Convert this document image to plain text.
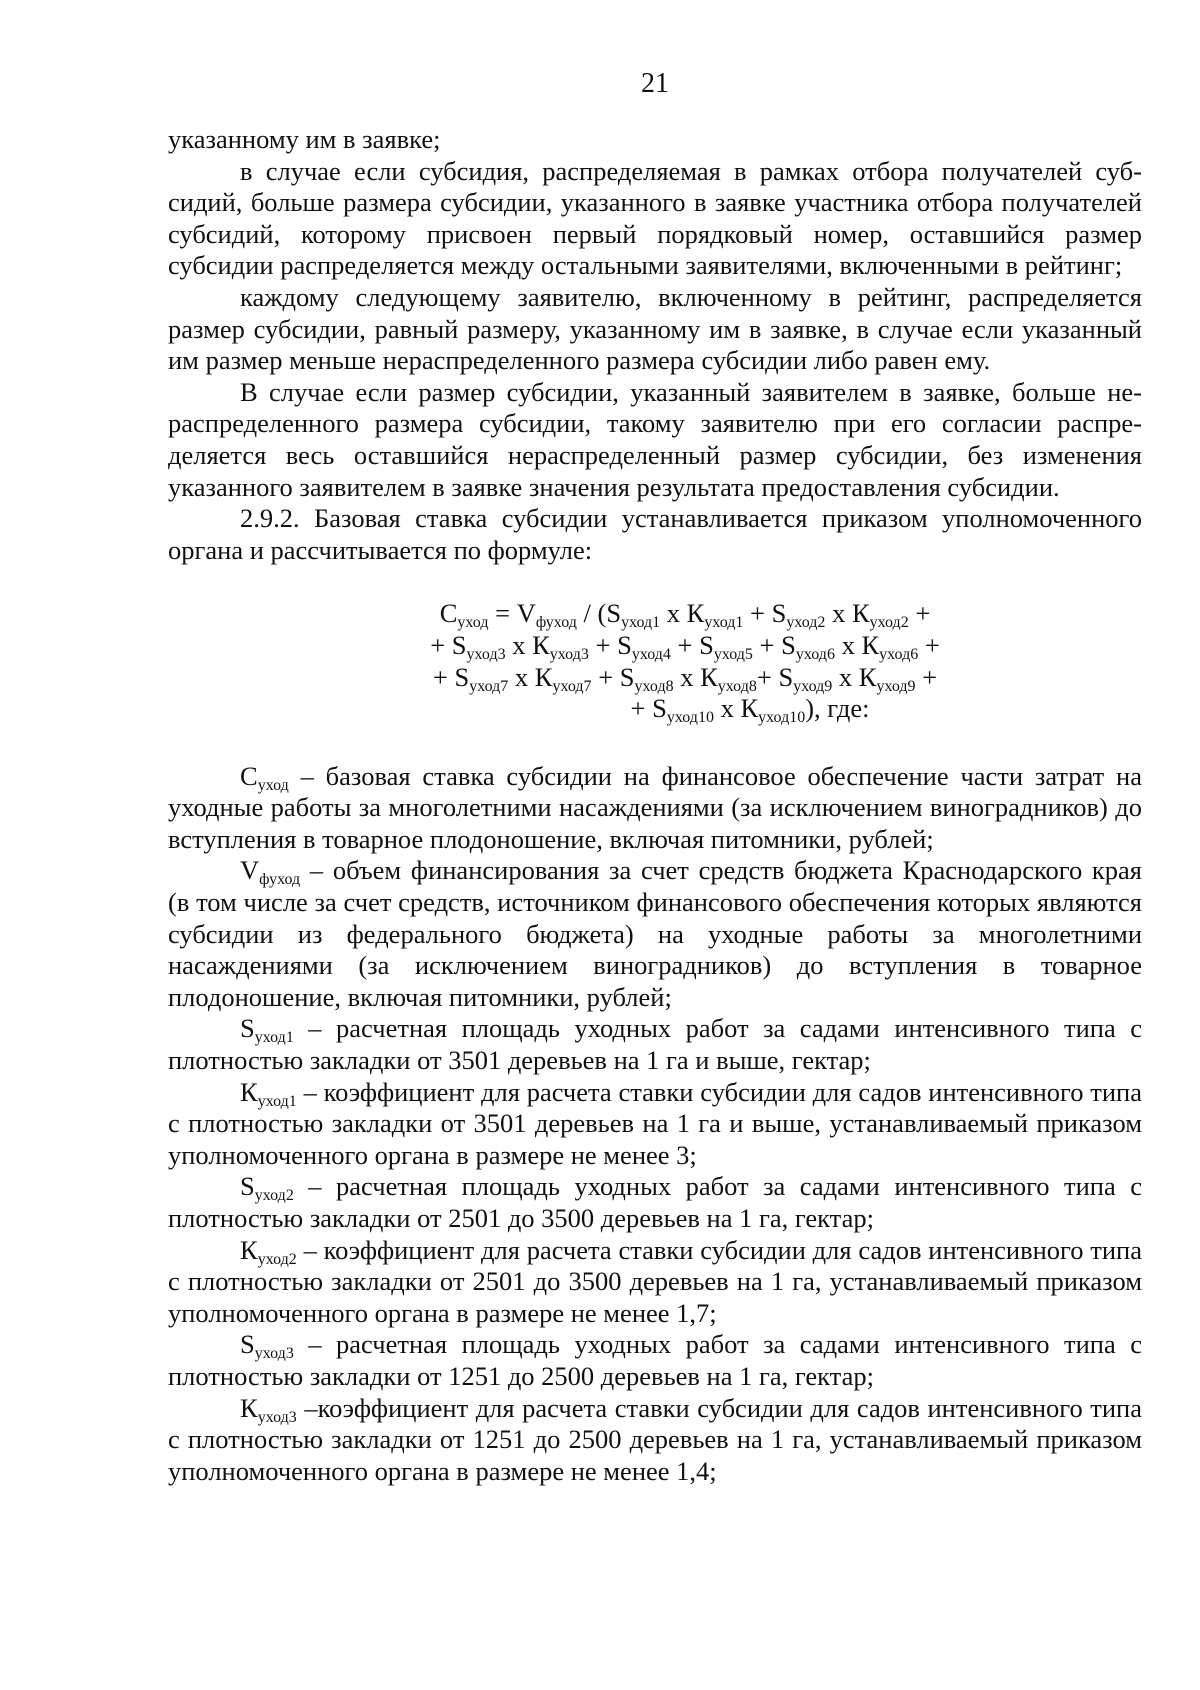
21

указанному им в заявке;

в случае если субсидия, распределяемая в рамках отбора получателей субсидий, больше размера субсидии, указанного в заявке участника отбора получателей субсидий, которому присвоен первый порядковый номер, оставшийся размер субсидии распределяется между остальными заявителями, включенными в рейтинг;

каждому следующему заявителю, включенному в рейтинг, распределяется размер субсидии, равный размеру, указанному им в заявке, в случае если указанный им размер меньше нераспределенного размера субсидии либо равен ему.

В случае если размер субсидии, указанный заявителем в заявке, больше нераспределенного размера субсидии, такому заявителю при его согласии распределяется весь оставшийся нераспределенный размер субсидии, без изменения указанного заявителем в заявке значения результата предоставления субсидии.

2.9.2. Базовая ставка субсидии устанавливается приказом уполномоченного органа и рассчитывается по формуле:

$С_{уход} = V_{фуход} / (S_{уход1}$ х $К_{уход1} + S_{уход2}$ х $К_{уход2}$ +
+ $S_{уход3}$ х $К_{уход3} + S_{уход4} + S_{уход5} + S_{уход6}$ х $К_{уход6}$ +
+ $S_{уход7}$ х $К_{уход7} + S_{уход8}$ х $К_{уход8}+ S_{уход9}$ х $К_{уход9}$ +
+ $S_{уход10}$ х $К_{уход10}$), где:

$С_{уход}$ – базовая ставка субсидии на финансовое обеспечение части затрат на уходные работы за многолетними насаждениями (за исключением виноградников) до вступления в товарное плодоношение, включая питомники, рублей;

$V_{фуход}$ – объем финансирования за счет средств бюджета Краснодарского края (в том числе за счет средств, источником финансового обеспечения которых являются субсидии из федерального бюджета) на уходные работы за многолетними насаждениями (за исключением виноградников) до вступления в товарное плодоношение, включая питомники, рублей;

$S_{уход1}$ – расчетная площадь уходных работ за садами интенсивного типа с плотностью закладки от 3501 деревьев на 1 га и выше, гектар;

$К_{уход1}$ – коэффициент для расчета ставки субсидии для садов интенсивного типа с плотностью закладки от 3501 деревьев на 1 га и выше, устанавливаемый приказом уполномоченного органа в размере не менее 3;

$S_{уход2}$ – расчетная площадь уходных работ за садами интенсивного типа с плотностью закладки от 2501 до 3500 деревьев на 1 га, гектар;

$К_{уход2}$ – коэффициент для расчета ставки субсидии для садов интенсивного типа с плотностью закладки от 2501 до 3500 деревьев на 1 га, устанавливаемый приказом уполномоченного органа в размере не менее 1,7;

$S_{уход3}$ – расчетная площадь уходных работ за садами интенсивного типа с плотностью закладки от 1251 до 2500 деревьев на 1 га, гектар;

$К_{уход3}$ –коэффициент для расчета ставки субсидии для садов интенсивного типа с плотностью закладки от 1251 до 2500 деревьев на 1 га, устанавливаемый приказом уполномоченного органа в размере не менее 1,4;
